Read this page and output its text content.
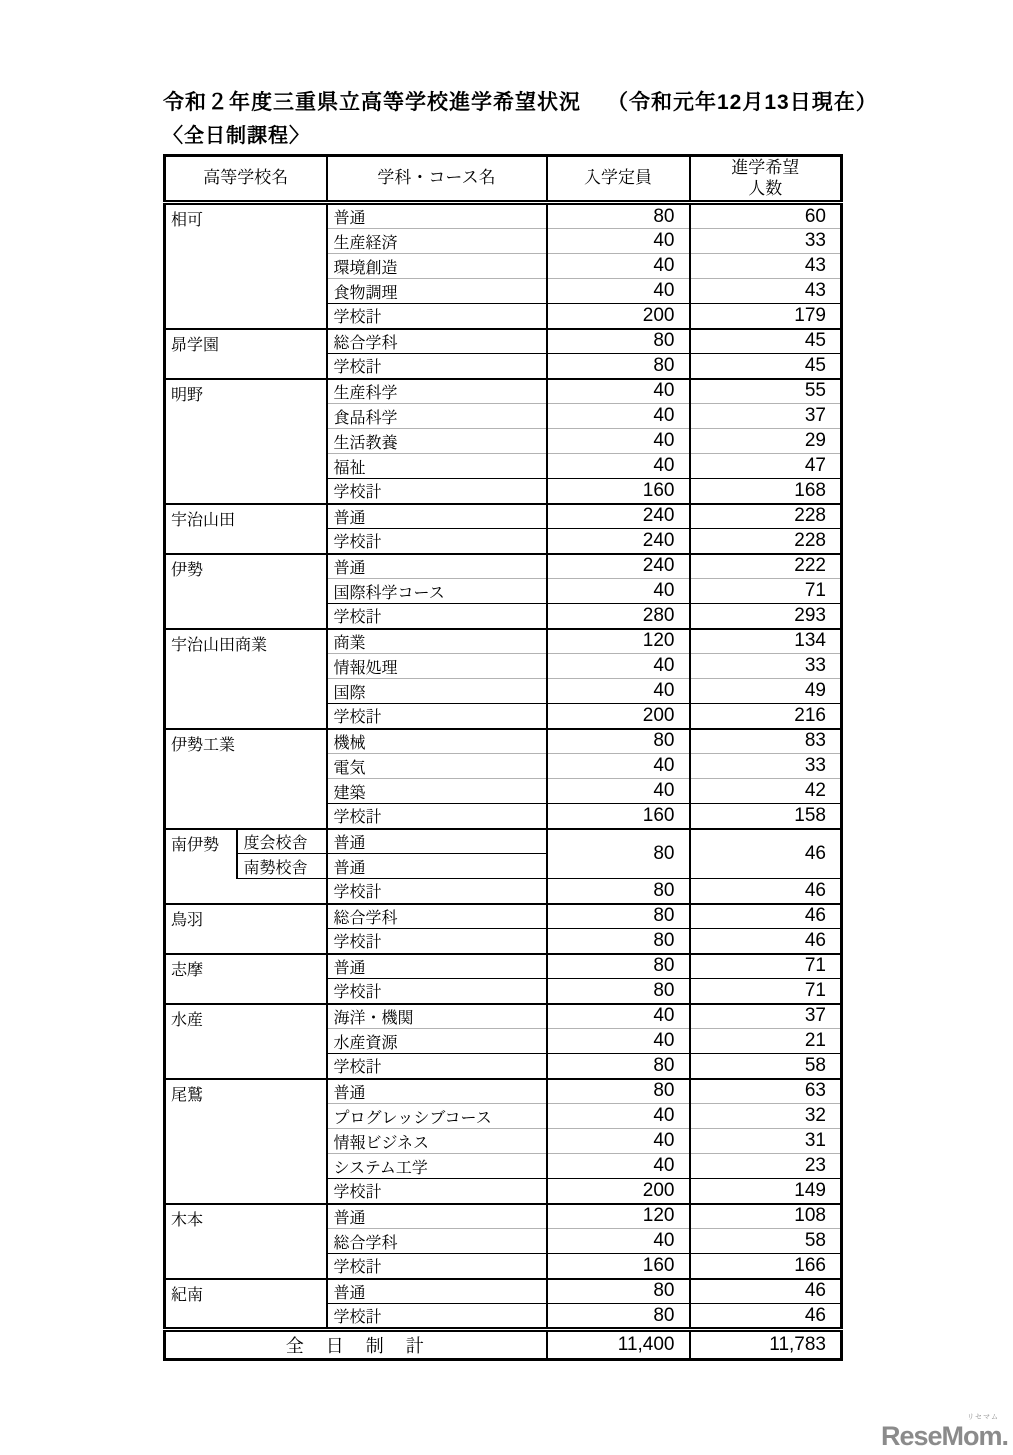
令和２年度三重県立高等学校進学希望状況 （令和元年12月13日現在）
〈全日制課程〉
高等学校名		学科・コース名	入学定員	進学希望
人数

相可		普通	80	60
		生産経済	40	33
		環境創造	40	43
		食物調理	40	43
		学校計	200	179
昴学園		総合学科	80	45
		学校計	80	45
明野		生産科学	40	55
		食品科学	40	37
		生活教養	40	29
		福祉	40	47
		学校計	160	168
宇治山田		普通	240	228
		学校計	240	228
伊勢		普通	240	222
		国際科学コース	40	71
		学校計	280	293
宇治山田商業		商業	120	134
		情報処理	40	33
		国際	40	49
		学校計	200	216
伊勢工業		機械	80	83
		電気	40	33
		建築	40	42
		学校計	160	158
南伊勢	度会校舎	普通	80	46
	南勢校舎	普通		
		学校計	80	46
鳥羽		総合学科	80	46
		学校計	80	46
志摩		普通	80	71
		学校計	80	71
水産		海洋・機関	40	37
		水産資源	40	21
		学校計	80	58
尾鷲		普通	80	63
		プログレッシブコース	40	32
		情報ビジネス	40	31
		システム工学	40	23
		学校計	200	149
木本		普通	120	108
		総合学科	40	58
		学校計	160	166
紀南		普通	80	46
		学校計	80	46
全　日　制　計			11,400	11,783
リセマム
ReseMom.
